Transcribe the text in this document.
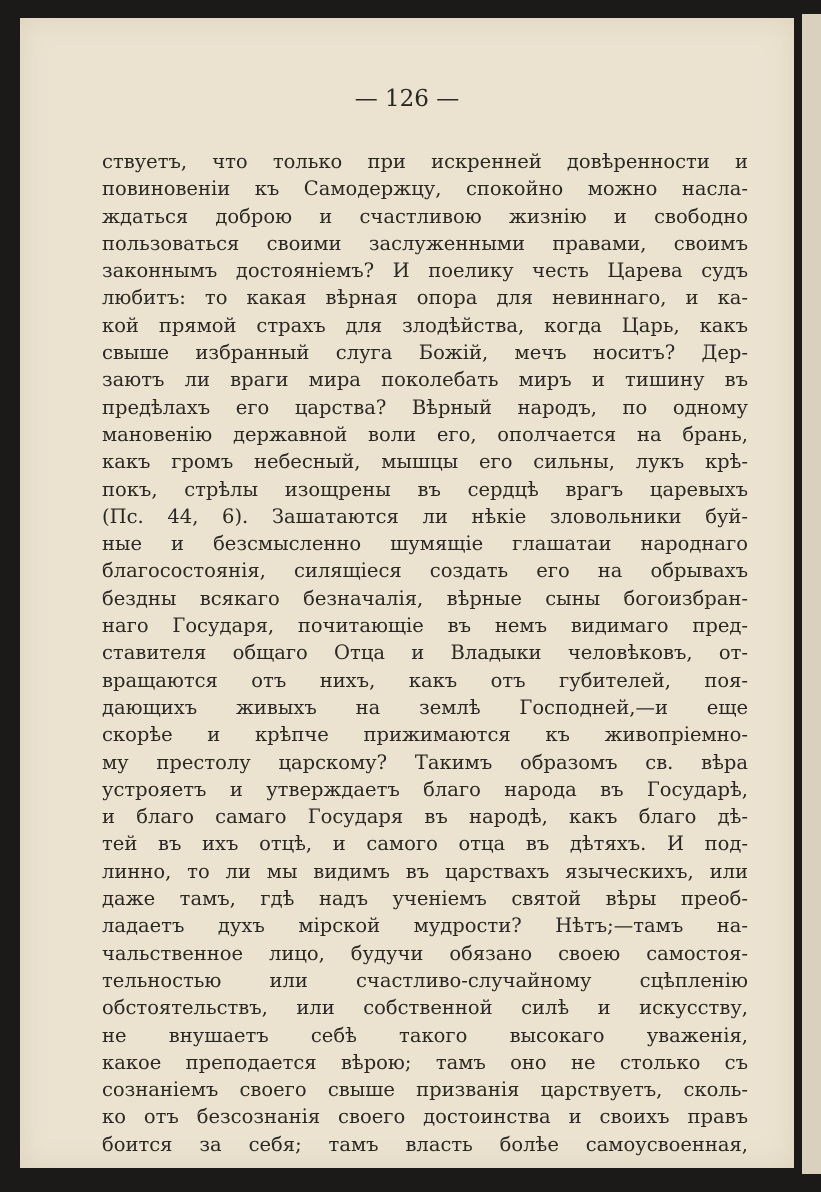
— 126 —
ствуетъ, что только при искренней довѣренности и
повиновеніи къ Самодержцу, спокойно можно насла-
ждаться доброю и счастливою жизнію и свободно
пользоваться своими заслуженными правами, своимъ
законнымъ достояніемъ? И поелику честь Царева судъ
любитъ: то какая вѣрная опора для невиннаго, и ка-
кой прямой страхъ для злодѣйства, когда Царь, какъ
свыше избранный слуга Божій, мечъ носитъ? Дер-
заютъ ли враги мира поколебать миръ и тишину въ
предѣлахъ его царства? Вѣрный народъ, по одному
мановенію державной воли его, ополчается на брань,
какъ громъ небесный, мышцы его сильны, лукъ крѣ-
покъ, стрѣлы изощрены въ сердцѣ врагъ царевыхъ
(Пс. 44, 6). Зашатаются ли нѣкіе зловольники буй-
ные и безсмысленно шумящіе глашатаи народнаго
благосостоянія, силящіеся создать его на обрывахъ
бездны всякаго безначалія, вѣрные сыны богоизбран-
наго Государя, почитающіе въ немъ видимаго пред-
ставителя общаго Отца и Владыки человѣковъ, от-
вращаются отъ нихъ, какъ отъ губителей, поя-
дающихъ живыхъ на землѣ Господней,—и еще
скорѣе и крѣпче прижимаются къ живопріемно-
му престолу царскому? Такимъ образомъ св. вѣра
устрояетъ и утверждаетъ благо народа въ Государѣ,
и благо самаго Государя въ народѣ, какъ благо дѣ-
тей въ ихъ отцѣ, и самого отца въ дѣтяхъ. И под-
линно, то ли мы видимъ въ царствахъ языческихъ, или
даже тамъ, гдѣ надъ ученіемъ святой вѣры преоб-
ладаетъ духъ мірской мудрости? Нѣтъ;—тамъ на-
чальственное лицо, будучи обязано своею самостоя-
тельностью или счастливо-случайному сцѣпленію
обстоятельствъ, или собственной силѣ и искусству,
не внушаетъ себѣ такого высокаго уваженія,
какое преподается вѣрою; тамъ оно не столько съ
сознаніемъ своего свыше призванія царствуетъ, сколь-
ко отъ безсознанія своего достоинства и своихъ правъ
боится за себя; тамъ власть болѣе самоусвоенная,
